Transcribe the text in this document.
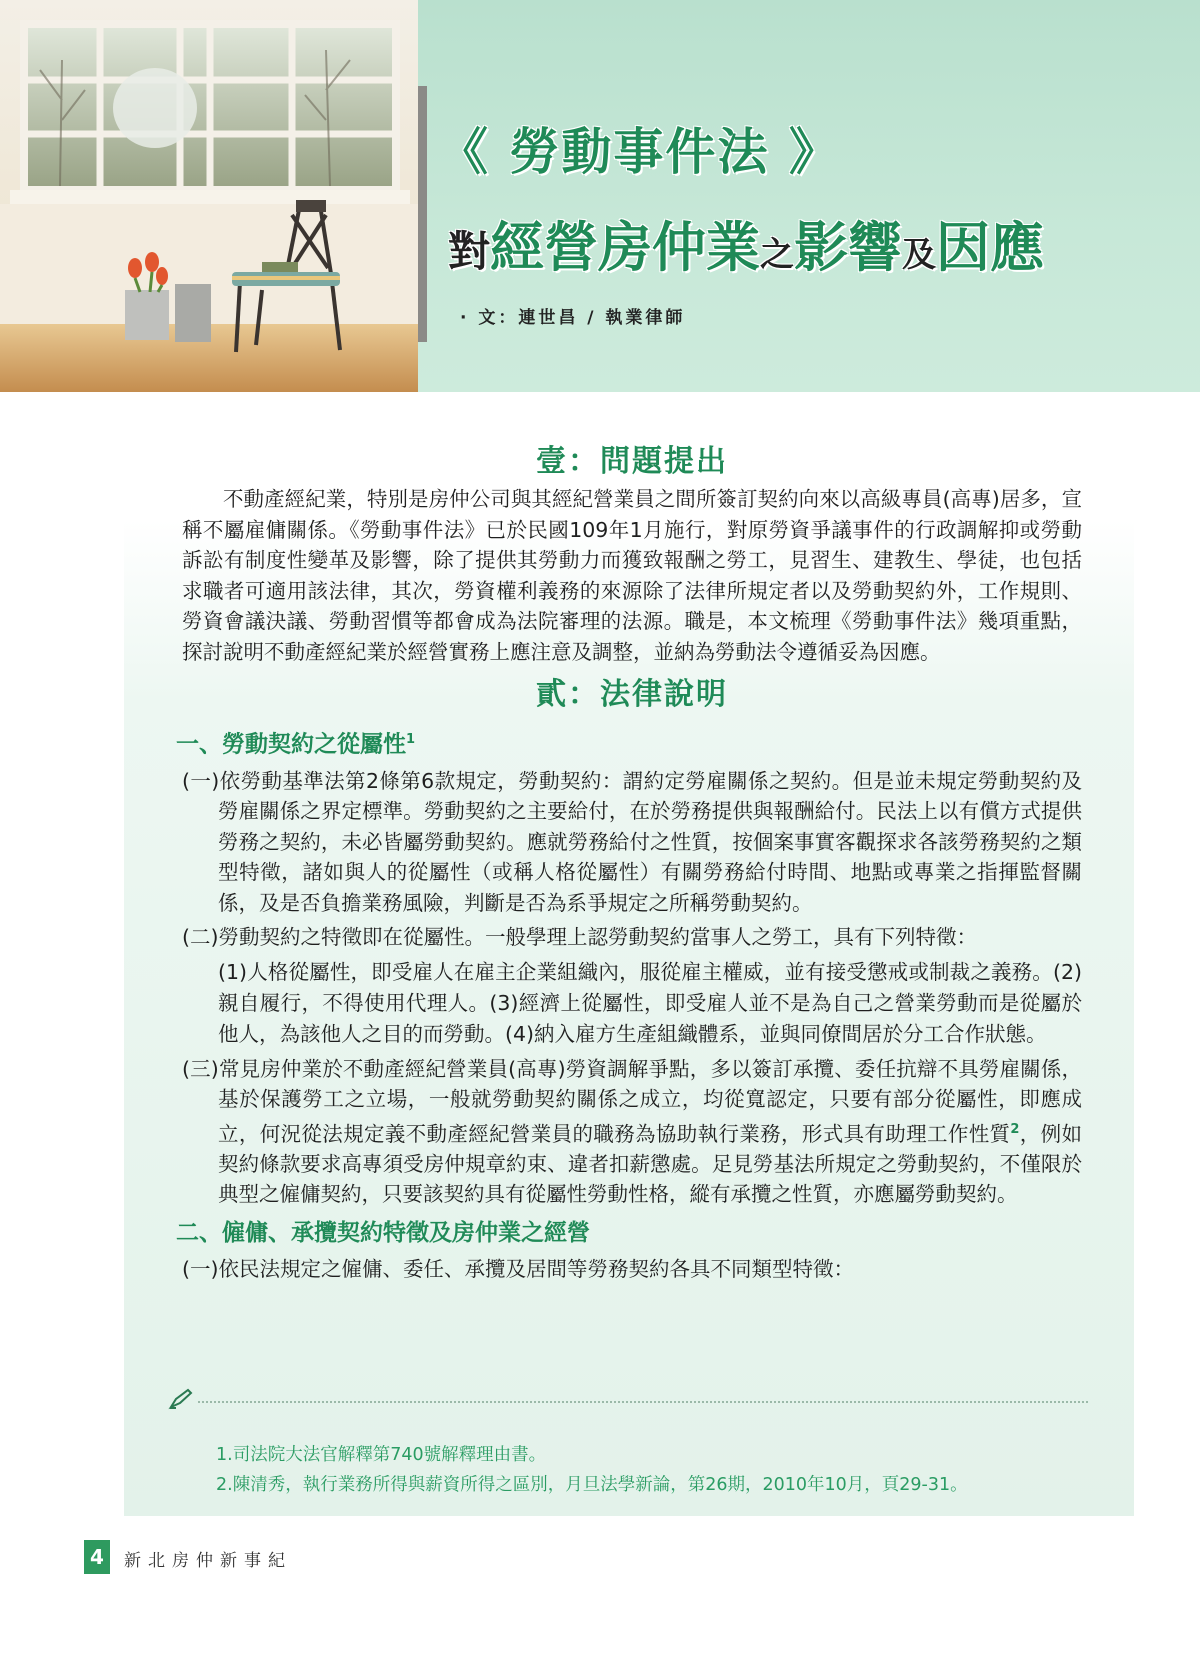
《 勞動事件法 》
對經營房仲業之影響及因應
· 文：連世昌 / 執業律師
壹：問題提出

不動產經紀業，特別是房仲公司與其經紀營業員之間所簽訂契約向來以高級專員(高專)居多，宣稱不屬雇傭關係。《勞動事件法》已於民國109年1月施行，對原勞資爭議事件的行政調解抑或勞動訴訟有制度性變革及影響，除了提供其勞動力而獲致報酬之勞工，見習生、建教生、學徒，也包括求職者可適用該法律，其次，勞資權利義務的來源除了法律所規定者以及勞動契約外，工作規則、勞資會議決議、勞動習慣等都會成為法院審理的法源。職是，本文梳理《勞動事件法》幾項重點，探討說明不動產經紀業於經營實務上應注意及調整，並納為勞動法令遵循妥為因應。

貳：法律說明
一、勞動契約之從屬性$^1$

(一)依勞動基準法第2條第6款規定，勞動契約：謂約定勞雇關係之契約。但是並未規定勞動契約及勞雇關係之界定標準。勞動契約之主要給付，在於勞務提供與報酬給付。民法上以有償方式提供勞務之契約，未必皆屬勞動契約。應就勞務給付之性質，按個案事實客觀探求各該勞務契約之類型特徵，諸如與人的從屬性（或稱人格從屬性）有關勞務給付時間、地點或專業之指揮監督關係，及是否負擔業務風險，判斷是否為系爭規定之所稱勞動契約。

(二)勞動契約之特徵即在從屬性。一般學理上認勞動契約當事人之勞工，具有下列特徵：

(1)人格從屬性，即受雇人在雇主企業組織內，服從雇主權威，並有接受懲戒或制裁之義務。(2)親自履行，不得使用代理人。(3)經濟上從屬性，即受雇人並不是為自己之營業勞動而是從屬於他人，為該他人之目的而勞動。(4)納入雇方生產組織體系，並與同僚間居於分工合作狀態。

(三)常見房仲業於不動產經紀營業員(高專)勞資調解爭點，多以簽訂承攬、委任抗辯不具勞雇關係，基於保護勞工之立場，一般就勞動契約關係之成立，均從寬認定，只要有部分從屬性，即應成立，何況從法規定義不動產經紀營業員的職務為協助執行業務，形式具有助理工作性質$^2$，例如契約條款要求高專須受房仲規章約束、違者扣薪懲處。足見勞基法所規定之勞動契約，不僅限於典型之僱傭契約，只要該契約具有從屬性勞動性格，縱有承攬之性質，亦應屬勞動契約。

二、僱傭、承攬契約特徵及房仲業之經營

(一)依民法規定之僱傭、委任、承攬及居間等勞務契約各具不同類型特徵：

1.司法院大法官解釋第740號解釋理由書。

2.陳清秀，執行業務所得與薪資所得之區別，月旦法學新論，第26期，2010年10月，頁29-31。

4	新北房仲新事紀
